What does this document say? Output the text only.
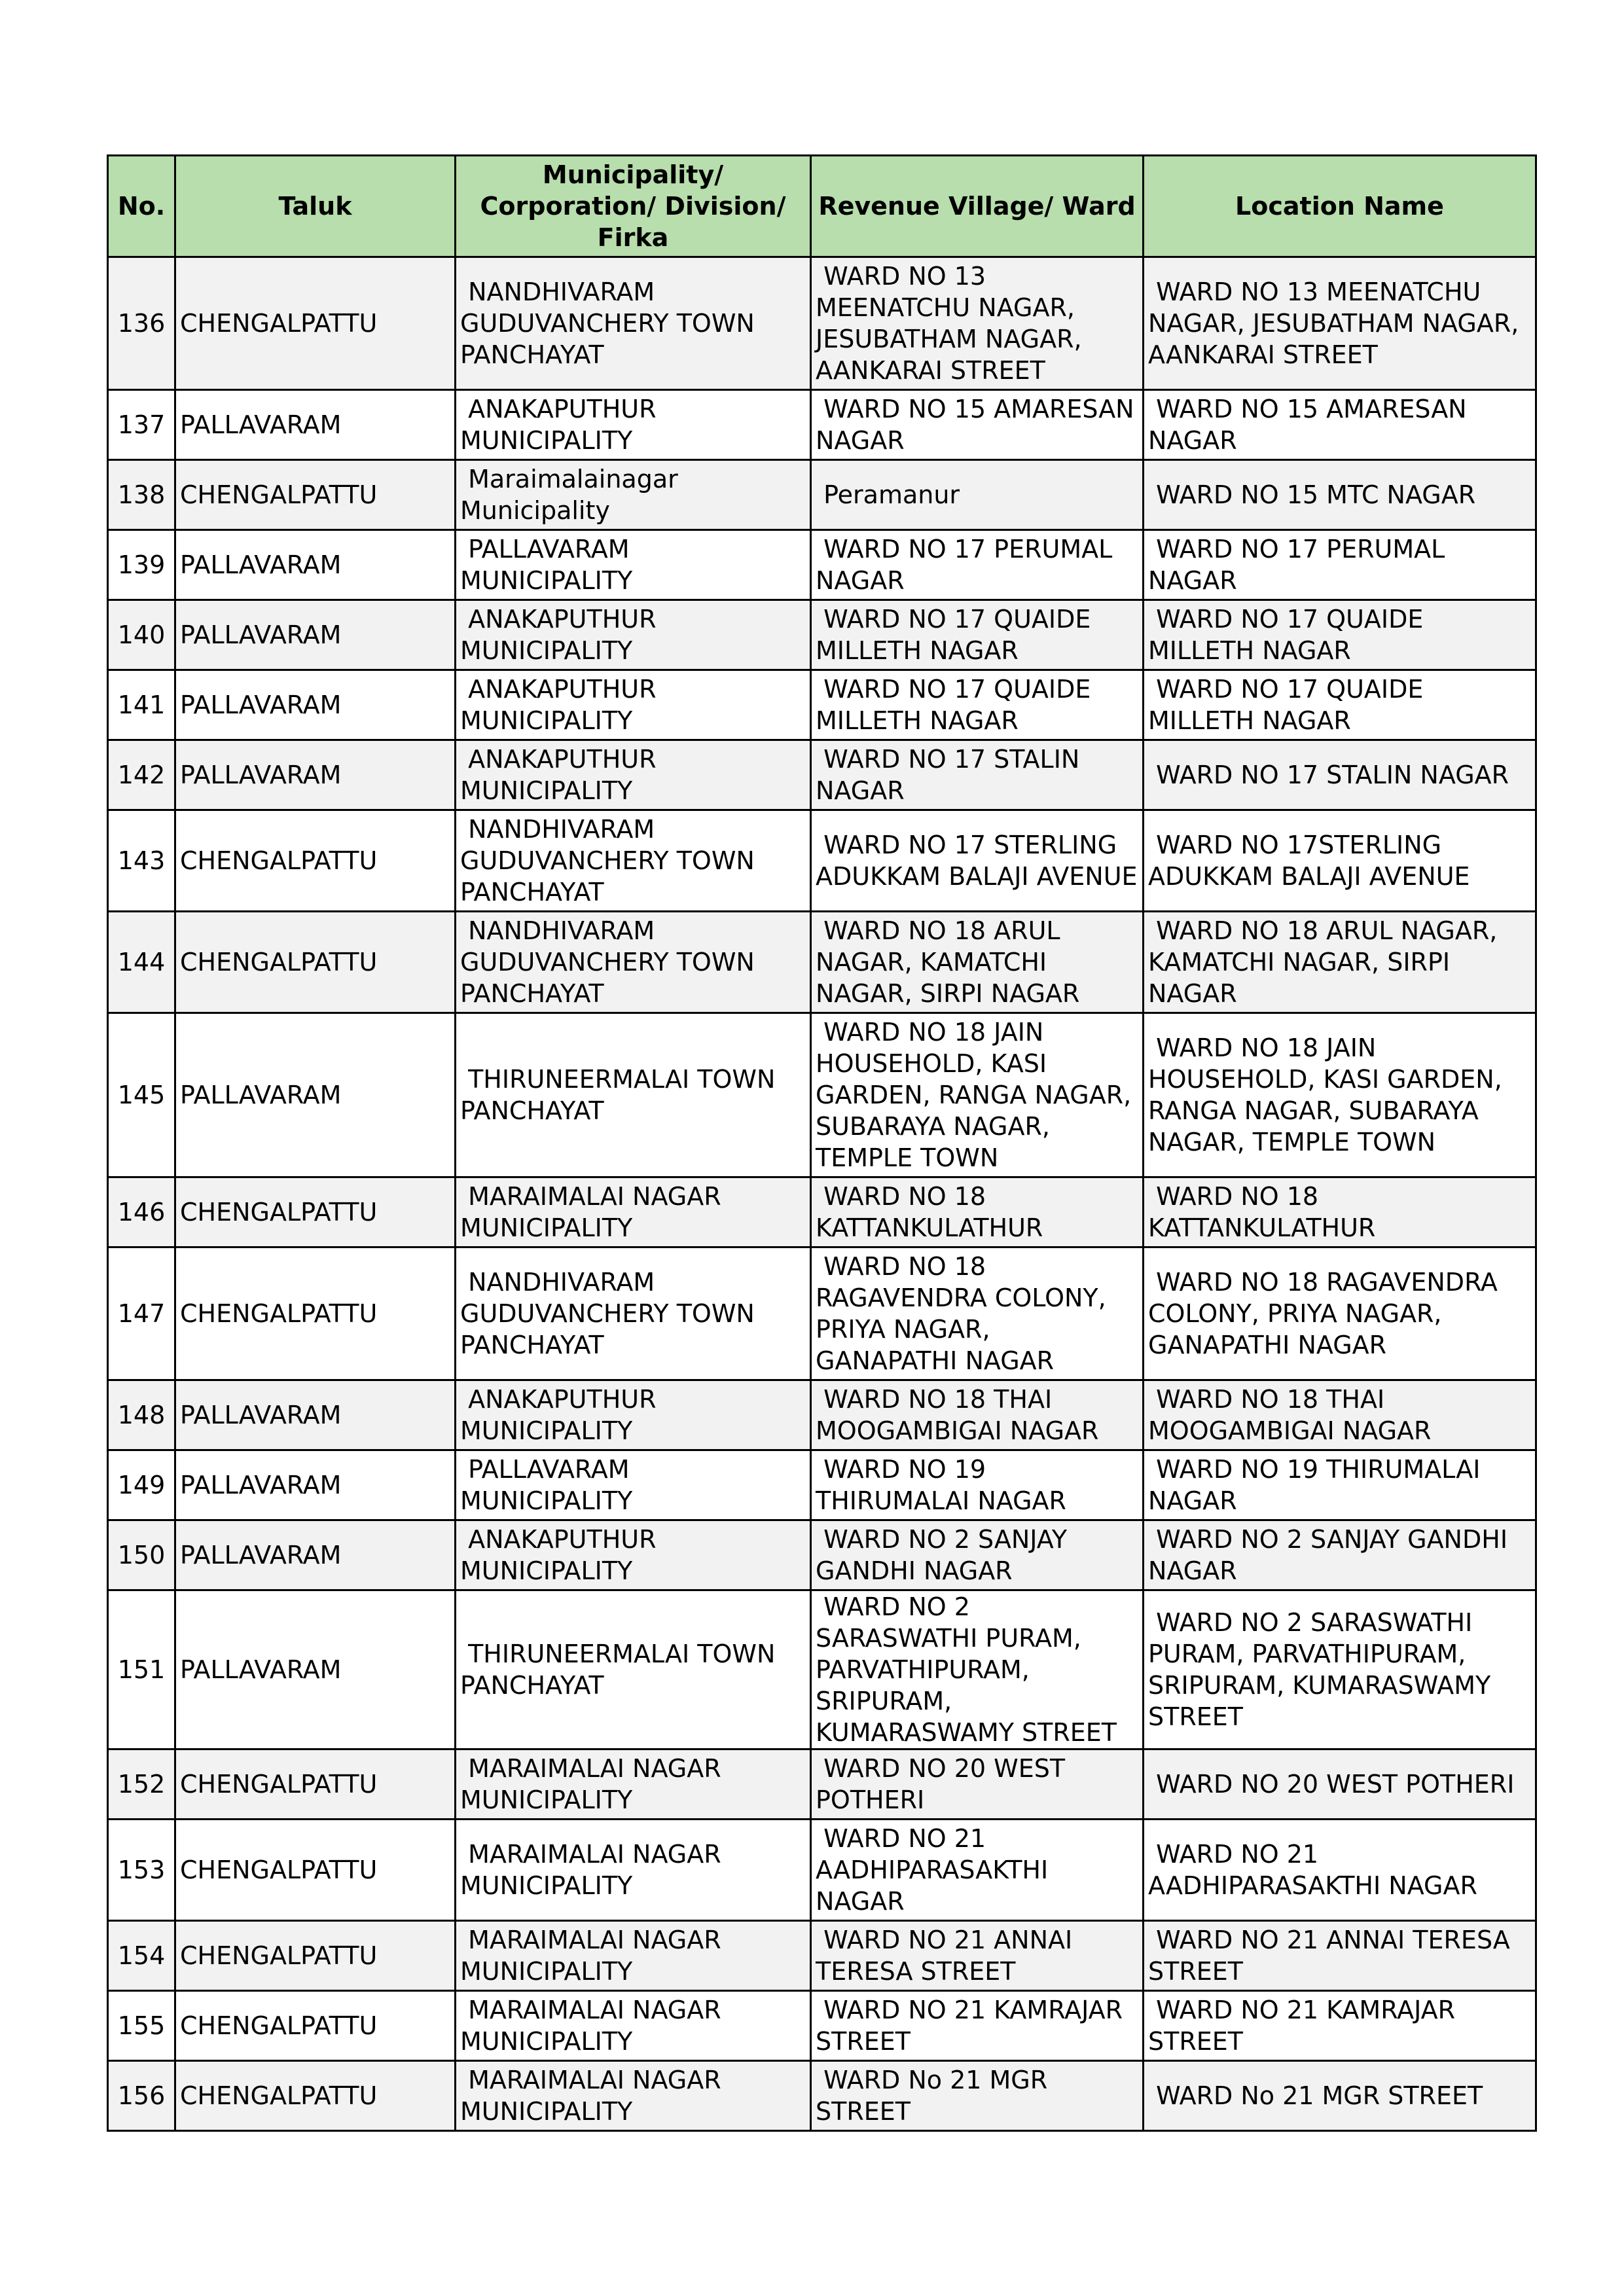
No.	Taluk	Municipality/ Corporation/ Division/ Firka	Revenue Village/ Ward	Location Name
136	CHENGALPATTU	NANDHIVARAM GUDUVANCHERY TOWN PANCHAYAT	WARD NO 13 MEENATCHU NAGAR, JESUBATHAM NAGAR, AANKARAI STREET	WARD NO 13 MEENATCHU NAGAR, JESUBATHAM NAGAR, AANKARAI STREET
137	PALLAVARAM	ANAKAPUTHUR MUNICIPALITY	WARD NO 15 AMARESAN NAGAR	WARD NO 15 AMARESAN NAGAR
138	CHENGALPATTU	Maraimalainagar Municipality	Peramanur	WARD NO 15 MTC NAGAR
139	PALLAVARAM	PALLAVARAM MUNICIPALITY	WARD NO 17 PERUMAL NAGAR	WARD NO 17 PERUMAL NAGAR
140	PALLAVARAM	ANAKAPUTHUR MUNICIPALITY	WARD NO 17 QUAIDE MILLETH NAGAR	WARD NO 17 QUAIDE MILLETH NAGAR
141	PALLAVARAM	ANAKAPUTHUR MUNICIPALITY	WARD NO 17 QUAIDE MILLETH NAGAR	WARD NO 17 QUAIDE MILLETH NAGAR
142	PALLAVARAM	ANAKAPUTHUR MUNICIPALITY	WARD NO 17 STALIN NAGAR	WARD NO 17 STALIN NAGAR
143	CHENGALPATTU	NANDHIVARAM GUDUVANCHERY TOWN PANCHAYAT	WARD NO 17 STERLING ADUKKAM BALAJI AVENUE	WARD NO 17STERLING ADUKKAM BALAJI AVENUE
144	CHENGALPATTU	NANDHIVARAM GUDUVANCHERY TOWN PANCHAYAT	WARD NO 18 ARUL NAGAR, KAMATCHI NAGAR, SIRPI NAGAR	WARD NO 18 ARUL NAGAR, KAMATCHI NAGAR, SIRPI NAGAR
145	PALLAVARAM	THIRUNEERMALAI TOWN PANCHAYAT	WARD NO 18 JAIN HOUSEHOLD, KASI GARDEN, RANGA NAGAR, SUBARAYA NAGAR, TEMPLE TOWN	WARD NO 18 JAIN HOUSEHOLD, KASI GARDEN, RANGA NAGAR, SUBARAYA NAGAR, TEMPLE TOWN
146	CHENGALPATTU	MARAIMALAI NAGAR MUNICIPALITY	WARD NO 18 KATTANKULATHUR	WARD NO 18 KATTANKULATHUR
147	CHENGALPATTU	NANDHIVARAM GUDUVANCHERY TOWN PANCHAYAT	WARD NO 18 RAGAVENDRA COLONY, PRIYA NAGAR, GANAPATHI NAGAR	WARD NO 18 RAGAVENDRA COLONY, PRIYA NAGAR, GANAPATHI NAGAR
148	PALLAVARAM	ANAKAPUTHUR MUNICIPALITY	WARD NO 18 THAI MOOGAMBIGAI NAGAR	WARD NO 18 THAI MOOGAMBIGAI NAGAR
149	PALLAVARAM	PALLAVARAM MUNICIPALITY	WARD NO 19 THIRUMALAI NAGAR	WARD NO 19 THIRUMALAI NAGAR
150	PALLAVARAM	ANAKAPUTHUR MUNICIPALITY	WARD NO 2 SANJAY GANDHI NAGAR	WARD NO 2 SANJAY GANDHI NAGAR
151	PALLAVARAM	THIRUNEERMALAI TOWN PANCHAYAT	WARD NO 2 SARASWATHI PURAM, PARVATHIPURAM, SRIPURAM, KUMARASWAMY STREET	WARD NO 2 SARASWATHI PURAM, PARVATHIPURAM, SRIPURAM, KUMARASWAMY STREET
152	CHENGALPATTU	MARAIMALAI NAGAR MUNICIPALITY	WARD NO 20 WEST POTHERI	WARD NO 20 WEST POTHERI
153	CHENGALPATTU	MARAIMALAI NAGAR MUNICIPALITY	WARD NO 21 AADHIPARASAKTHI NAGAR	WARD NO 21 AADHIPARASAKTHI NAGAR
154	CHENGALPATTU	MARAIMALAI NAGAR MUNICIPALITY	WARD NO 21 ANNAI TERESA STREET	WARD NO 21 ANNAI TERESA STREET
155	CHENGALPATTU	MARAIMALAI NAGAR MUNICIPALITY	WARD NO 21 KAMRAJAR STREET	WARD NO 21 KAMRAJAR STREET
156	CHENGALPATTU	MARAIMALAI NAGAR MUNICIPALITY	WARD No 21 MGR STREET	WARD No 21 MGR STREET
